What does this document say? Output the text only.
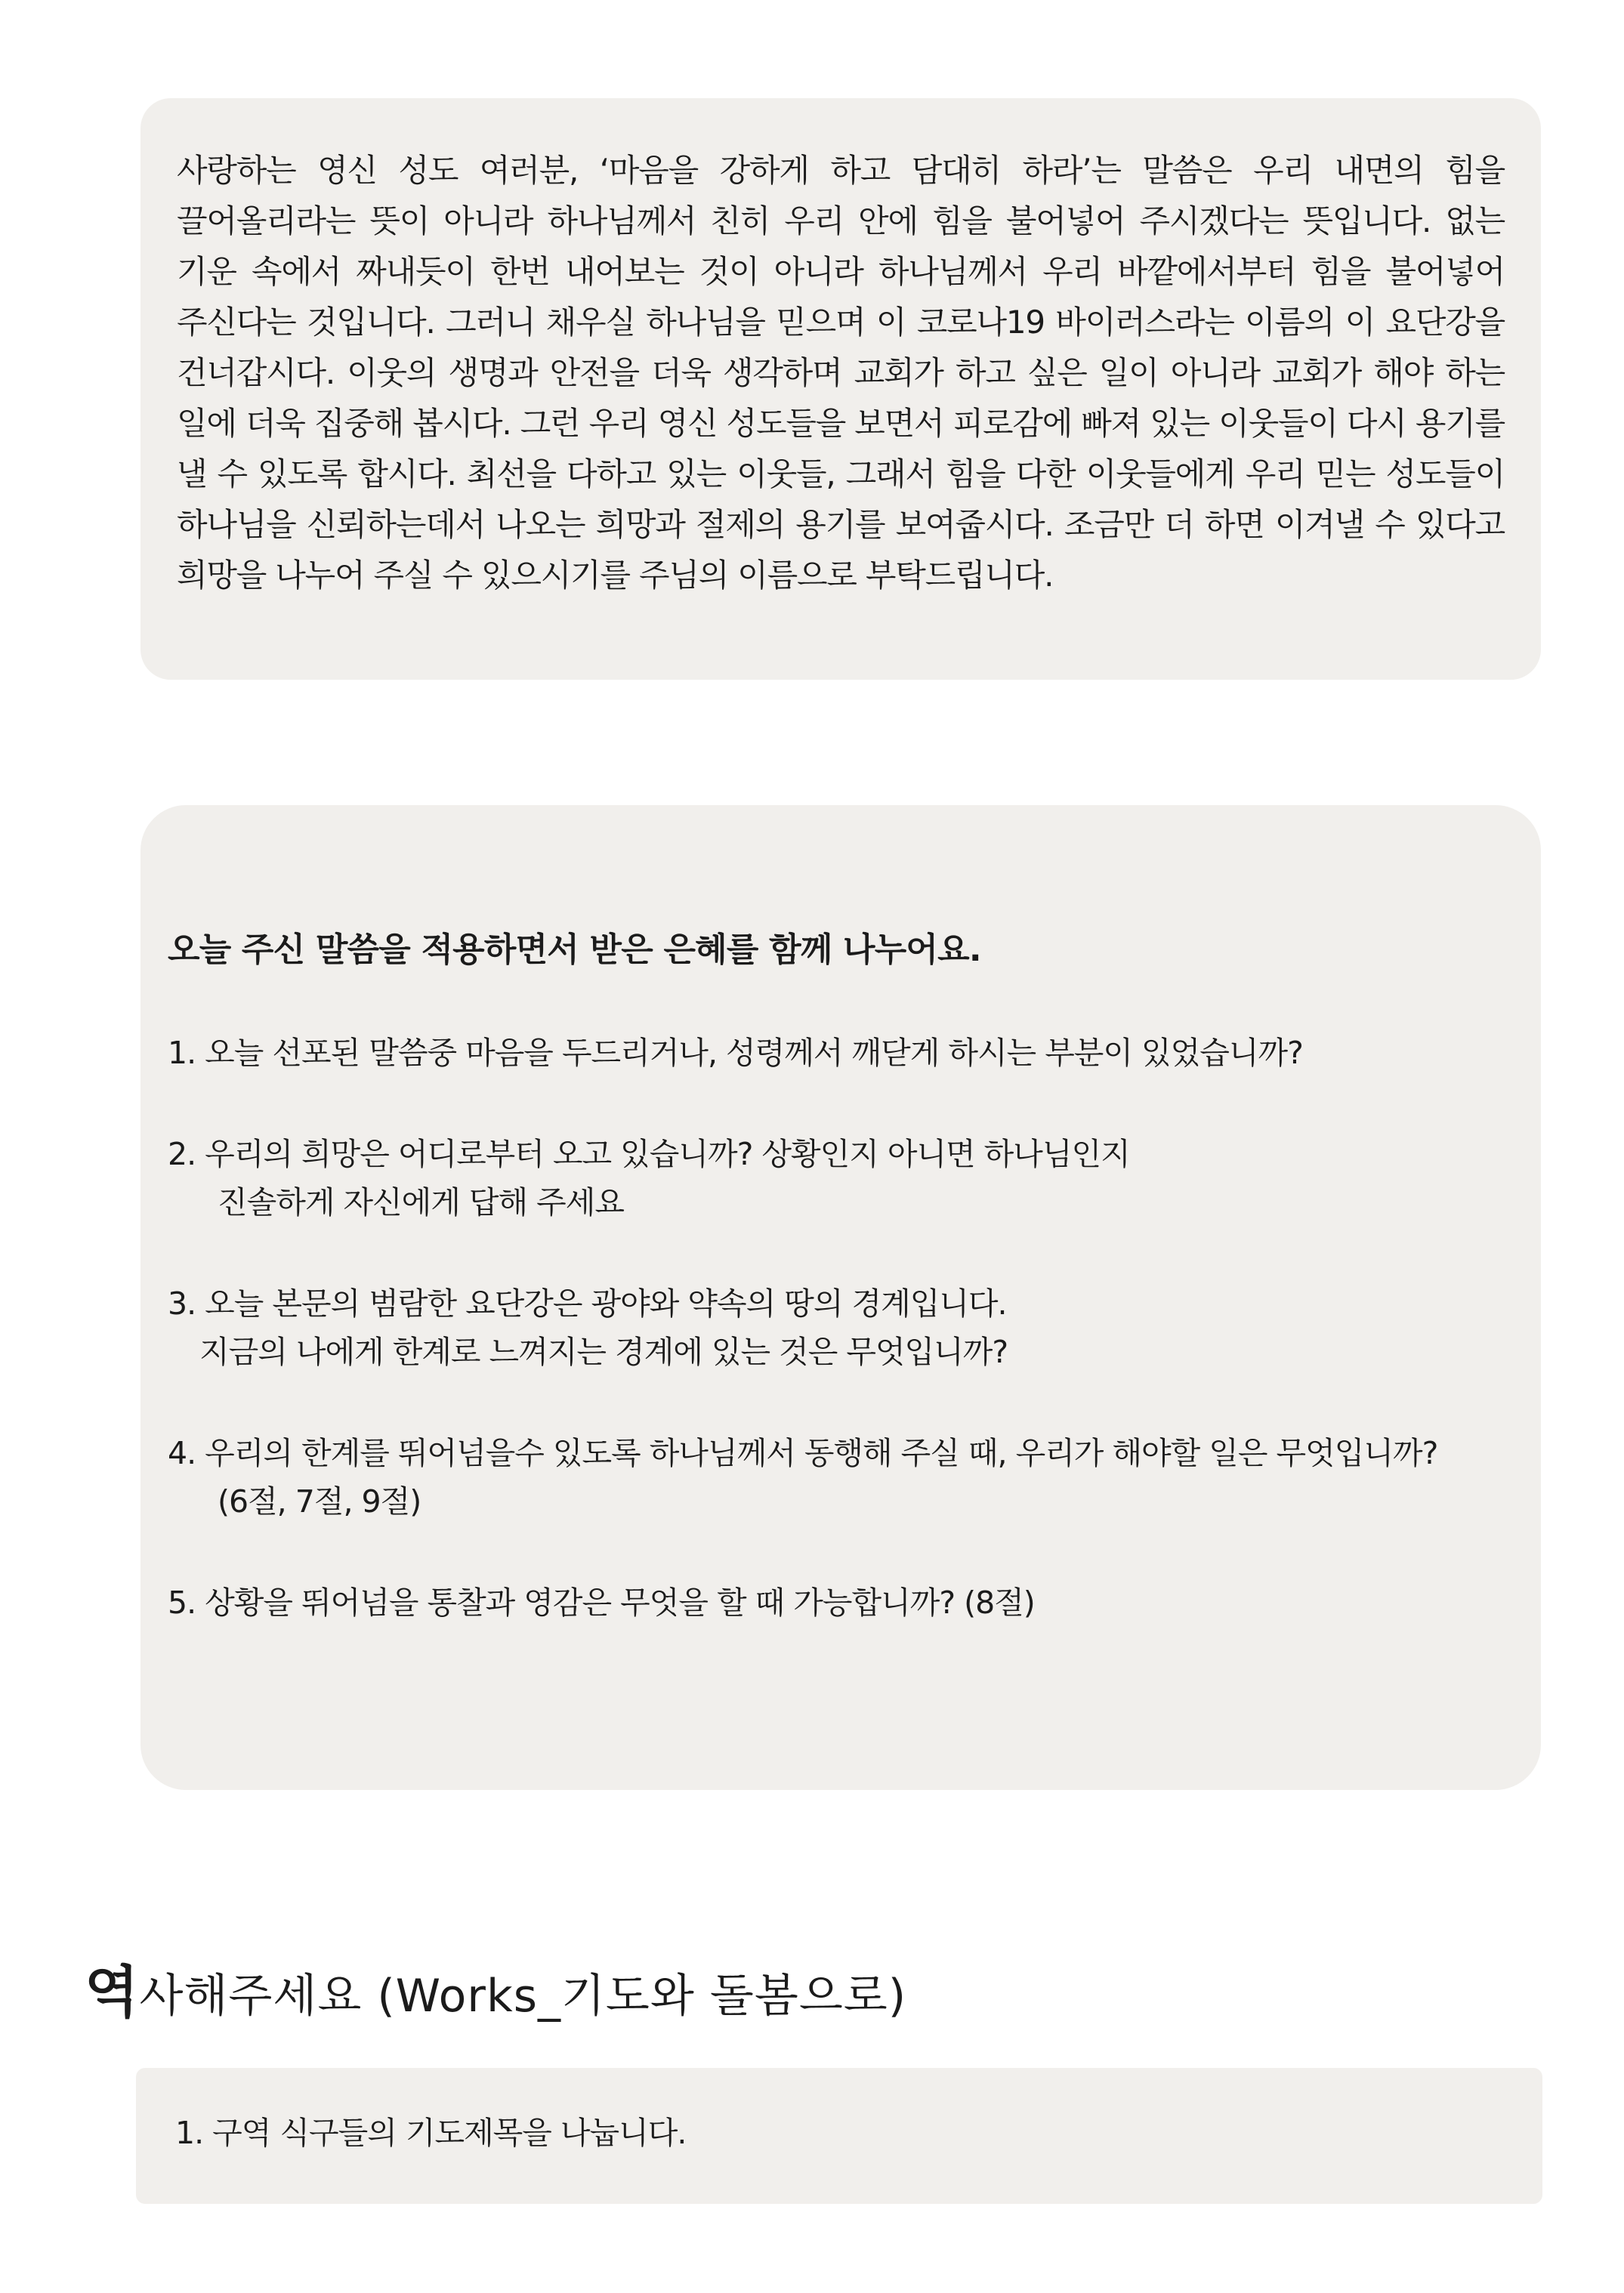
사랑하는 영신 성도 여러분, ‘마음을 강하게 하고 담대히 하라’는 말씀은 우리 내면의 힘을 끌어올리라는 뜻이 아니라 하나님께서 친히 우리 안에 힘을 불어넣어 주시겠다는 뜻입니다. 없는 기운 속에서 짜내듯이 한번 내어보는 것이 아니라 하나님께서 우리 바깥에서부터 힘을 불어넣어 주신다는 것입니다. 그러니 채우실 하나님을 믿으며 이 코로나19 바이러스라는 이름의 이 요단강을 건너갑시다. 이웃의 생명과 안전을 더욱 생각하며 교회가 하고 싶은 일이 아니라 교회가 해야 하는 일에 더욱 집중해 봅시다. 그런 우리 영신 성도들을 보면서 피로감에 빠져 있는 이웃들이 다시 용기를 낼 수 있도록 합시다. 최선을 다하고 있는 이웃들, 그래서 힘을 다한 이웃들에게 우리 믿는 성도들이 하나님을 신뢰하는데서 나오는 희망과 절제의 용기를 보여줍시다. 조금만 더 하면 이겨낼 수 있다고 희망을 나누어 주실 수 있으시기를 주님의 이름으로 부탁드립니다.

오늘 주신 말씀을 적용하면서 받은 은혜를 함께 나누어요.
1. 오늘 선포된 말씀중 마음을 두드리거나, 성령께서 깨닫게 하시는 부분이 있었습니까?
2. 우리의 희망은 어디로부터 오고 있습니까? 상황인지 아니면 하나님인지
진솔하게 자신에게 답해 주세요
3. 오늘 본문의 범람한 요단강은 광야와 약속의 땅의 경계입니다.
지금의 나에게 한계로 느껴지는 경계에 있는 것은 무엇입니까?
4. 우리의 한계를 뛰어넘을수 있도록 하나님께서 동행해 주실 때, 우리가 해야할 일은 무엇입니까?
(6절, 7절, 9절)
5. 상황을 뛰어넘을 통찰과 영감은 무엇을 할 때 가능합니까? (8절)
역사해주세요 (Works_기도와 돌봄으로)

1. 구역 식구들의 기도제목을 나눕니다.
